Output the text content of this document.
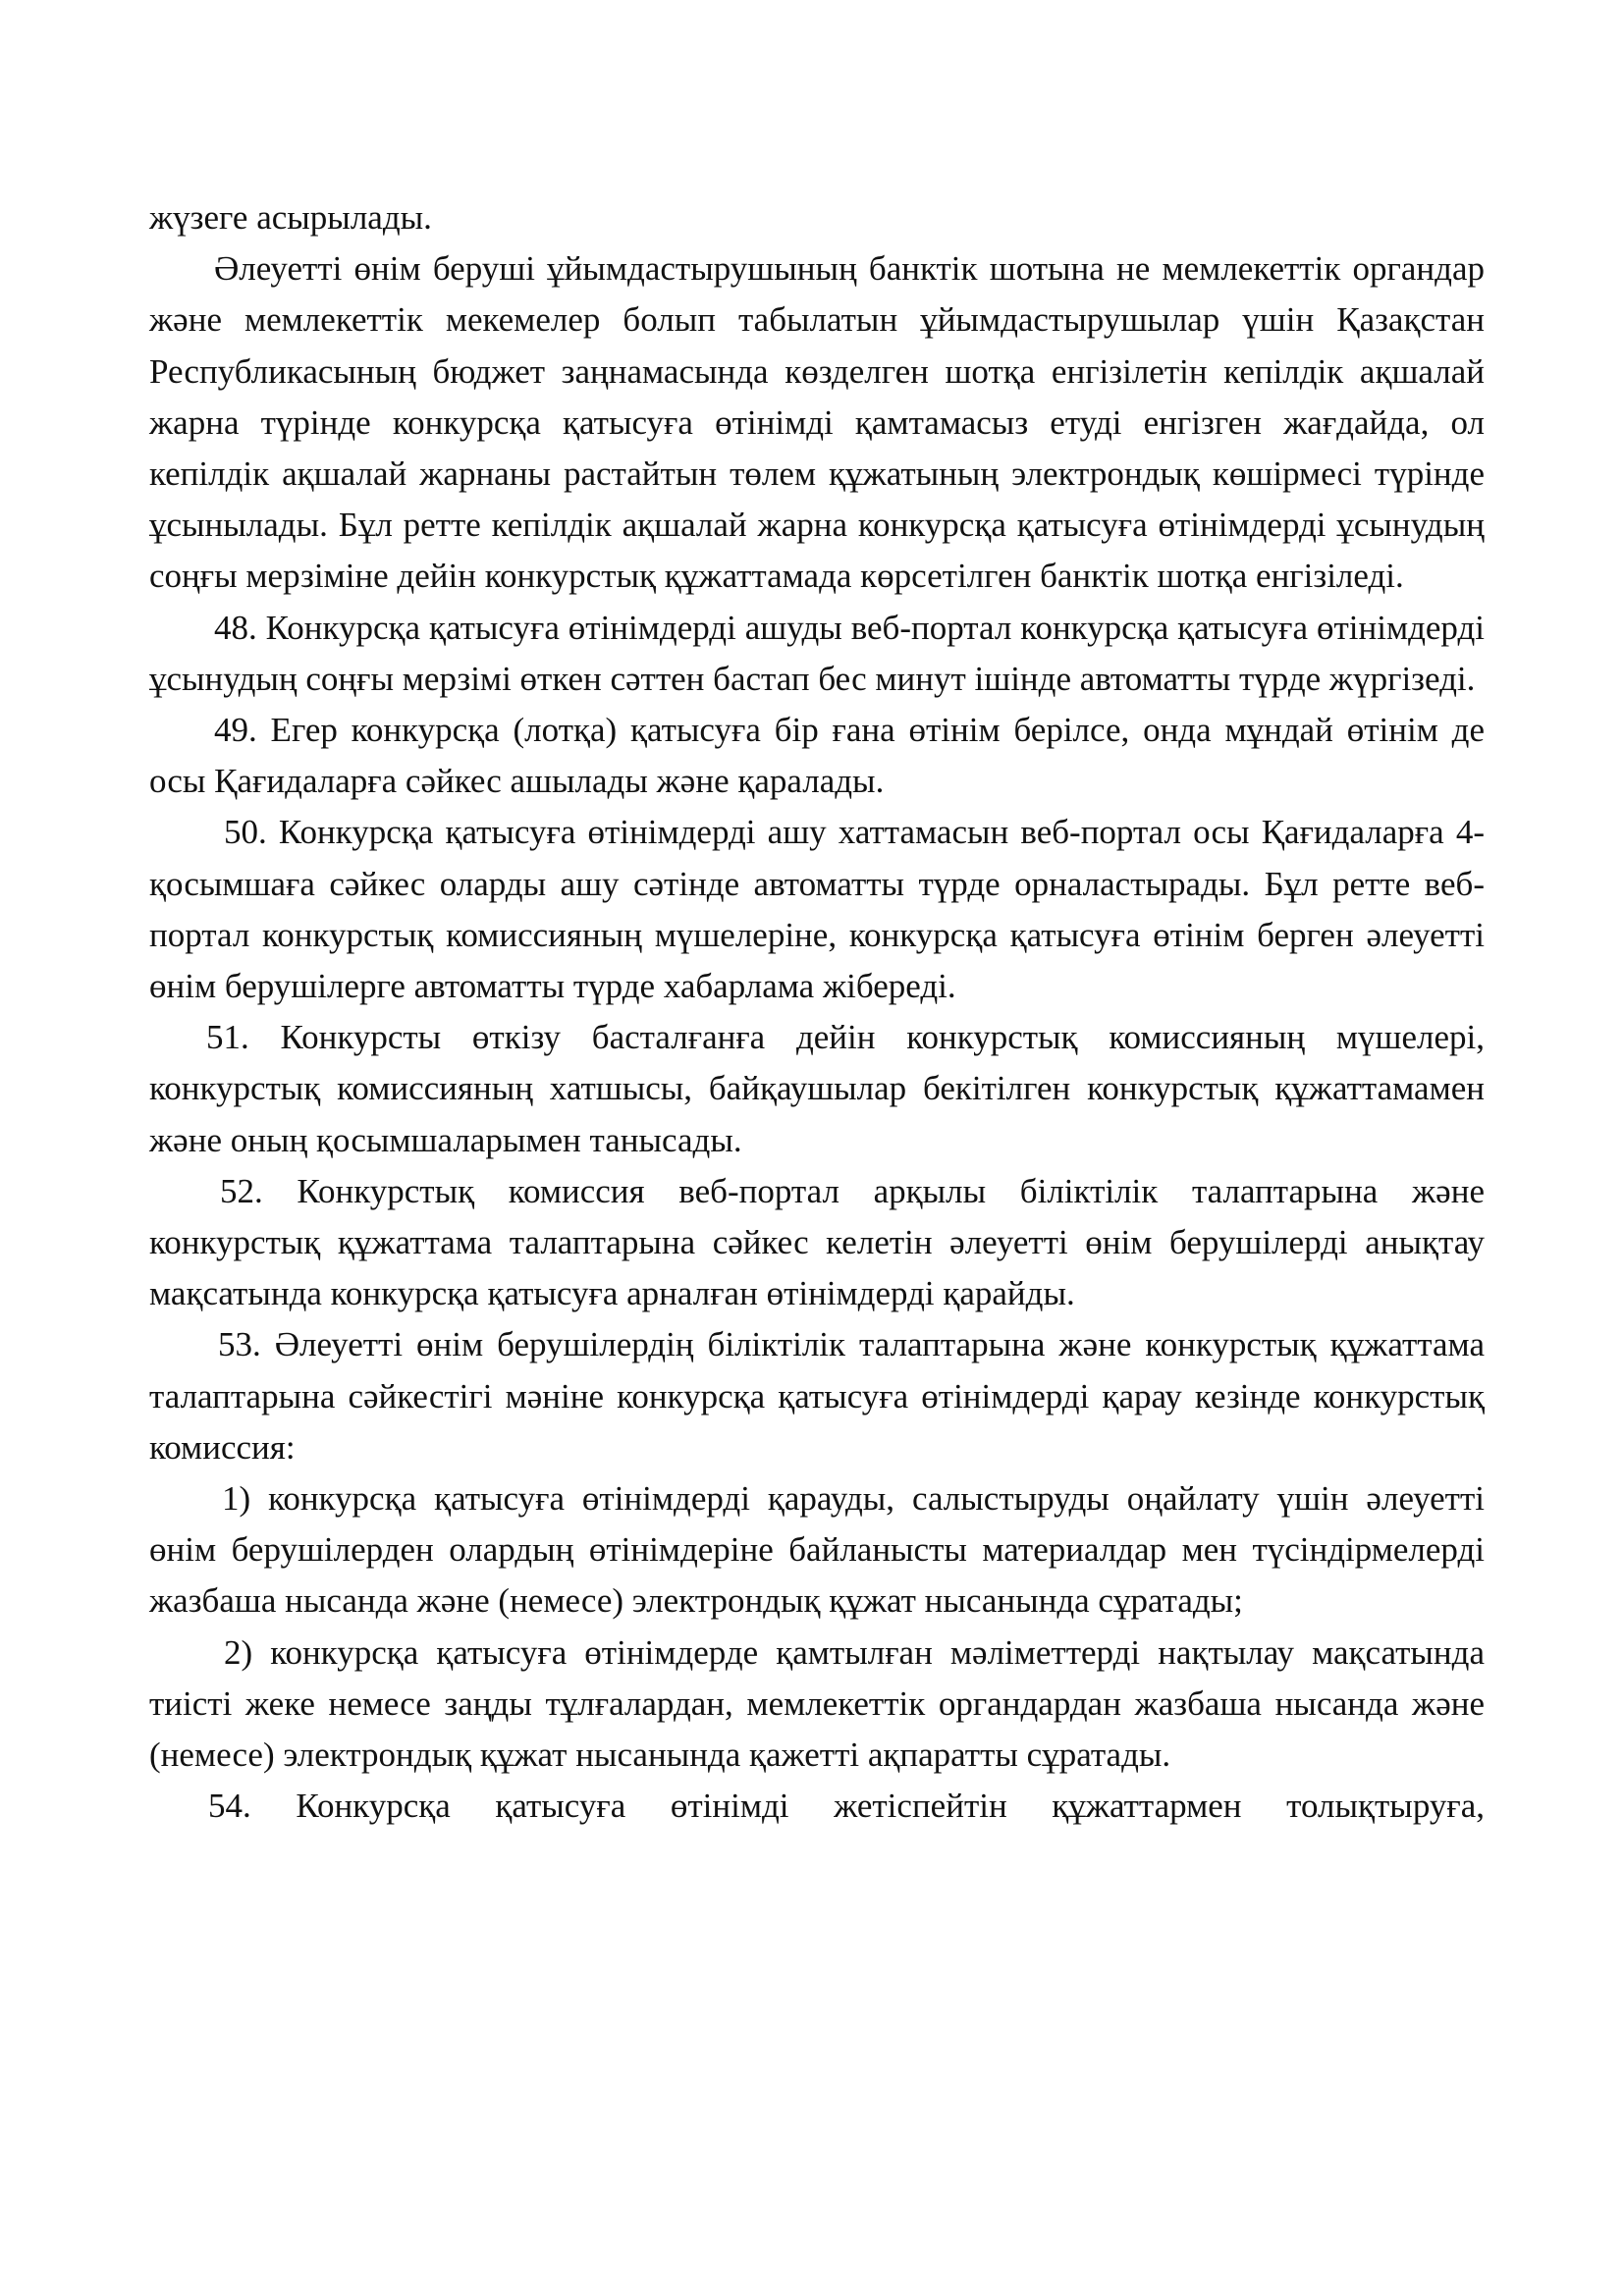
жүзеге асырылады.

Әлеуетті өнім беруші ұйымдастырушының банктік шотына не мемлекеттік органдар және мемлекеттік мекемелер болып табылатын ұйымдастырушылар үшін Қазақстан Республикасының бюджет заңнамасында көзделген шотқа енгізілетін кепілдік ақшалай жарна түрінде конкурсқа қатысуға өтінімді қамтамасыз етуді енгізген жағдайда, ол кепілдік ақшалай жарнаны растайтын төлем құжатының электрондық көшірмесі түрінде ұсынылады. Бұл ретте кепілдік ақшалай жарна конкурсқа қатысуға өтінімдерді ұсынудың соңғы мерзіміне дейін конкурстық құжаттамада көрсетілген банктік шотқа енгізіледі.

48. Конкурсқа қатысуға өтінімдерді ашуды веб-портал конкурсқа қатысуға өтінімдерді ұсынудың соңғы мерзімі өткен сәттен бастап бес минут ішінде автоматты түрде жүргізеді.

49. Егер конкурсқа (лотқа) қатысуға бір ғана өтінім берілсе, онда мұндай өтінім де осы Қағидаларға сәйкес ашылады және қаралады.

50. Конкурсқа қатысуға өтінімдерді ашу хаттамасын веб-портал осы Қағидаларға 4-қосымшаға сәйкес оларды ашу сәтінде автоматты түрде орналастырады. Бұл ретте веб-портал конкурстық комиссияның мүшелеріне, конкурсқа қатысуға өтінім берген әлеуетті өнім берушілерге автоматты түрде хабарлама жібереді.

51. Конкурсты өткізу басталғанға дейін конкурстық комиссияның мүшелері, конкурстық комиссияның хатшысы, байқаушылар бекітілген конкурстық құжаттамамен және оның қосымшаларымен танысады.

52. Конкурстық комиссия веб-портал арқылы біліктілік талаптарына және конкурстық құжаттама талаптарына сәйкес келетін әлеуетті өнім берушілерді анықтау мақсатында конкурсқа қатысуға арналған өтінімдерді қарайды.

53. Әлеуетті өнім берушілердің біліктілік талаптарына және конкурстық құжаттама талаптарына сәйкестігі мәніне конкурсқа қатысуға өтінімдерді қарау кезінде конкурстық комиссия:

1) конкурсқа қатысуға өтінімдерді қарауды, салыстыруды оңайлату үшін әлеуетті өнім берушілерден олардың өтінімдеріне байланысты материалдар мен түсіндірмелерді жазбаша нысанда және (немесе) электрондық құжат нысанында сұратады;

2) конкурсқа қатысуға өтінімдерде қамтылған мәліметтерді нақтылау мақсатында тиісті жеке немесе заңды тұлғалардан, мемлекеттік органдардан жазбаша нысанда және (немесе) электрондық құжат нысанында қажетті ақпаратты сұратады.

54. Конкурсқа қатысуға өтінімді жетіспейтін құжаттармен толықтыруға,
